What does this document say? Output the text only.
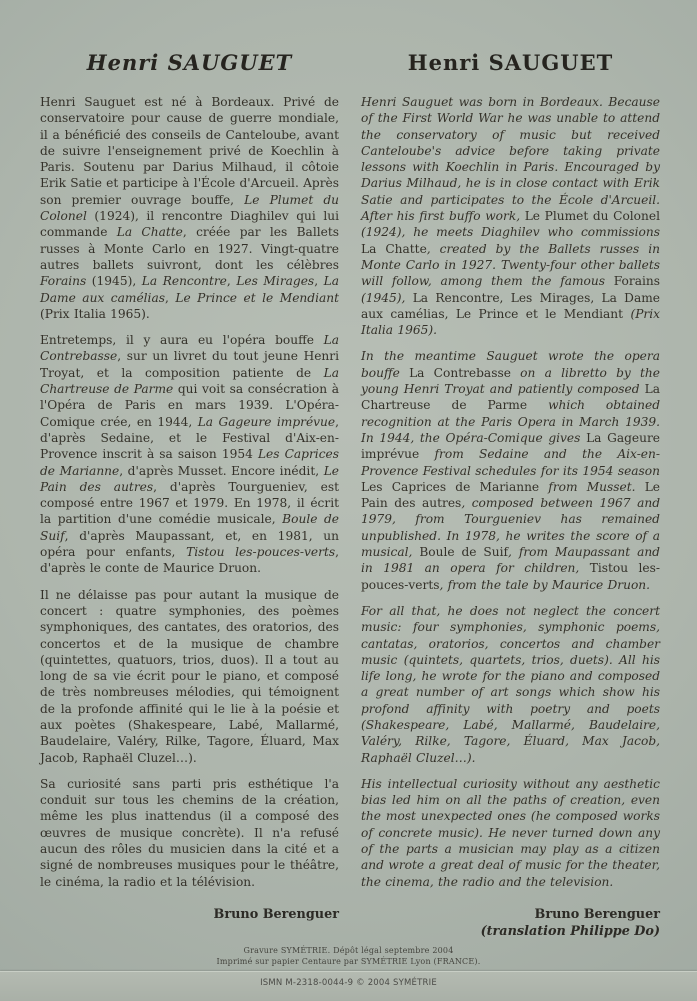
Henri SAUGUET

Henri Sauguet est né à Bordeaux. Privé de conservatoire pour cause de guerre mondiale, il a bénéficié des conseils de Canteloube, avant de suivre l'enseignement privé de Koechlin à Paris. Soutenu par Darius Milhaud, il côtoie Erik Satie et participe à l'École d'Arcueil. Après son premier ouvrage bouffe, Le Plumet du Colonel (1924), il rencontre Diaghilev qui lui commande La Chatte, créée par les Ballets russes à Monte Carlo en 1927. Vingt-quatre autres ballets suivront, dont les célèbres Forains (1945), La Rencontre, Les Mirages, La Dame aux camélias, Le Prince et le Mendiant (Prix Italia 1965).

Entretemps, il y aura eu l'opéra bouffe La Contrebasse, sur un livret du tout jeune Henri Troyat, et la composition patiente de La Chartreuse de Parme qui voit sa consécration à l'Opéra de Paris en mars 1939. L'Opéra-Comique crée, en 1944, La Gageure imprévue, d'après Sedaine, et le Festival d'Aix-en-Provence inscrit à sa saison 1954 Les Caprices de Marianne, d'après Musset. Encore inédit, Le Pain des autres, d'après Tourgueniev, est composé entre 1967 et 1979. En 1978, il écrit la partition d'une comédie musicale, Boule de Suif, d'après Maupassant, et, en 1981, un opéra pour enfants, Tistou les-pouces-verts, d'après le conte de Maurice Druon.

Il ne délaisse pas pour autant la musique de concert : quatre symphonies, des poèmes symphoniques, des cantates, des oratorios, des concertos et de la musique de chambre (quintettes, quatuors, trios, duos). Il a tout au long de sa vie écrit pour le piano, et composé de très nombreuses mélodies, qui témoignent de la profonde affinité qui le lie à la poésie et aux poètes (Shakespeare, Labé, Mallarmé, Baudelaire, Valéry, Rilke, Tagore, Éluard, Max Jacob, Raphaël Cluzel…).

Sa curiosité sans parti pris esthétique l'a conduit sur tous les chemins de la création, même les plus inattendus (il a composé des œuvres de musique concrète). Il n'a refusé aucun des rôles du musicien dans la cité et a signé de nombreuses musiques pour le théâtre, le cinéma, la radio et la télévision.

Bruno Berenguer
Henri SAUGUET

Henri Sauguet was born in Bordeaux. Because of the First World War he was unable to attend the conservatory of music but received Canteloube's advice before taking private lessons with Koechlin in Paris. Encouraged by Darius Milhaud, he is in close contact with Erik Satie and participates to the École d'Arcueil. After his first buffo work, Le Plumet du Colonel (1924), he meets Diaghilev who commissions La Chatte, created by the Ballets russes in Monte Carlo in 1927. Twenty-four other ballets will follow, among them the famous Forains (1945), La Rencontre, Les Mirages, La Dame aux camélias, Le Prince et le Mendiant (Prix Italia 1965).

In the meantime Sauguet wrote the opera bouffe La Contrebasse on a libretto by the young Henri Troyat and patiently composed La Chartreuse de Parme which obtained recognition at the Paris Opera in March 1939. In 1944, the Opéra-Comique gives La Gageure imprévue from Sedaine and the Aix-en-Provence Festival schedules for its 1954 season Les Caprices de Marianne from Musset. Le Pain des autres, composed between 1967 and 1979, from Tourgueniev has remained unpublished. In 1978, he writes the score of a musical, Boule de Suif, from Maupassant and in 1981 an opera for children, Tistou les-pouces-verts, from the tale by Maurice Druon.

For all that, he does not neglect the concert music: four symphonies, symphonic poems, cantatas, oratorios, concertos and chamber music (quintets, quartets, trios, duets). All his life long, he wrote for the piano and composed a great number of art songs which show his profond affinity with poetry and poets (Shakespeare, Labé, Mallarmé, Baudelaire, Valéry, Rilke, Tagore, Éluard, Max Jacob, Raphaël Cluzel…).

His intellectual curiosity without any aesthetic bias led him on all the paths of creation, even the most unexpected ones (he composed works of concrete music). He never turned down any of the parts a musician may play as a citizen and wrote a great deal of music for the theater, the cinema, the radio and the television.

Bruno Berenguer
(translation Philippe Do)
Gravure SYMÉTRIE. Dépôt légal septembre 2004
Imprimé sur papier Centaure par SYMÉTRIE Lyon (FRANCE).
ISMN M-2318-0044-9 © 2004 SYMÉTRIE
